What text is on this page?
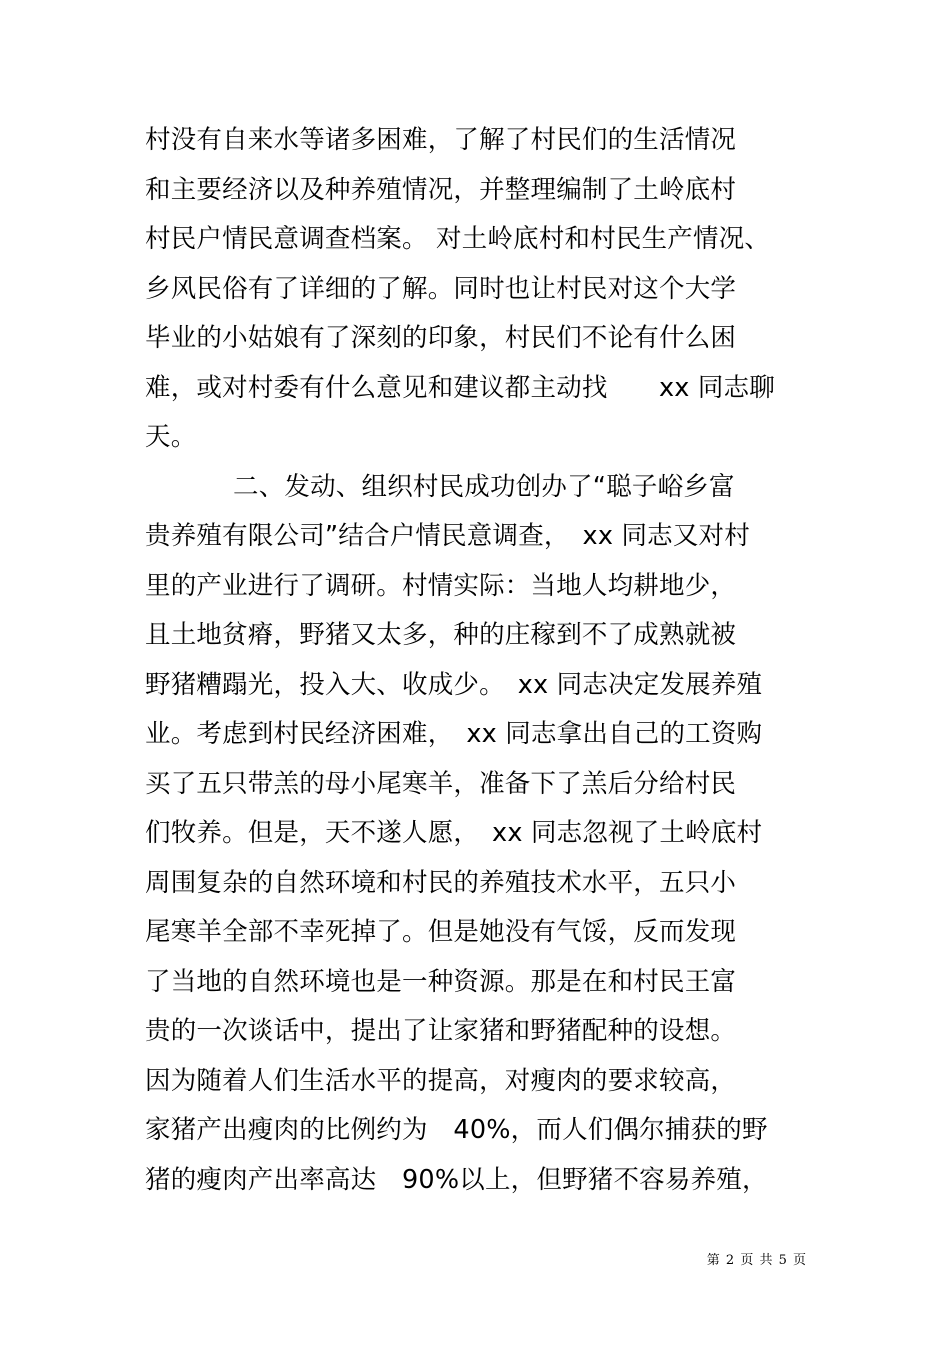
村没有自来水等诸多困难，了解了村民们的生活情况
和主要经济以及种养殖情况，并整理编制了土岭底村
村民户情民意调查档案。 对土岭底村和村民生产情况、
乡风民俗有了详细的了解。同时也让村民对这个大学
毕业的小姑娘有了深刻的印象，村民们不论有什么困
难，或对村委有什么意见和建议都主动找　　xx 同志聊
天。
二、发动、组织村民成功创办了“聪子峪乡富
贵养殖有限公司”结合户情民意调查，　xx 同志又对村
里的产业进行了调研。村情实际：当地人均耕地少，
且土地贫瘠，野猪又太多，种的庄稼到不了成熟就被
野猪糟蹋光，投入大、收成少。　xx 同志决定发展养殖
业。考虑到村民经济困难，　xx 同志拿出自己的工资购
买了五只带羔的母小尾寒羊，准备下了羔后分给村民
们牧养。但是，天不遂人愿，　xx 同志忽视了土岭底村
周围复杂的自然环境和村民的养殖技术水平，五只小
尾寒羊全部不幸死掉了。但是她没有气馁，反而发现
了当地的自然环境也是一种资源。那是在和村民王富
贵的一次谈话中，提出了让家猪和野猪配种的设想。
因为随着人们生活水平的提高，对瘦肉的要求较高，
家猪产出瘦肉的比例约为　40%，而人们偶尔捕获的野
猪的瘦肉产出率高达　90%以上，但野猪不容易养殖，
第 2 页 共 5 页
